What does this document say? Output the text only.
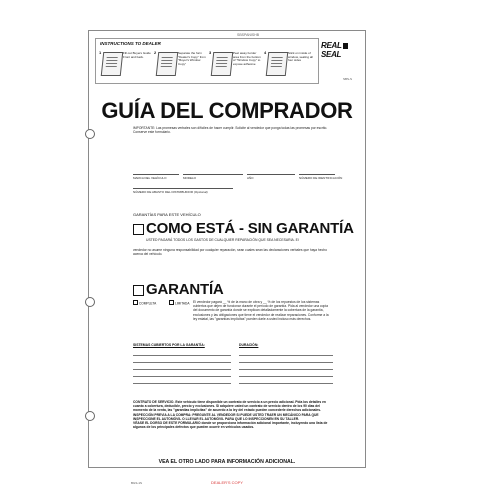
SBSPANISHB
INSTRUCTIONS TO DEALER
1	Fill out Buyers Guide Front and back.
2	Separate the form "Dealer's Copy" from "Buyer's Window Copy"
3	Peel away border area from the bottom of "Window Copy" to expose adhesive
4	Stick on inside of window, sealing all four sides
REALSEAL
SBS-S
GUÍA DEL COMPRADOR
IMPORTANTE: Las promesas verbales son difíciles de hacer cumplir. Solicite al vendedor que ponga todas las promesas por escrito. Conserve este formulario.
MARCA DEL VEHÍCULO	MODELO	AÑO	NÚMERO DE IDENTIFICACIÓN
NÚMERO DE ABASTO DEL DISTRIBUIDOR (Opcional)
GARANTÍAS PARA ESTE VEHÍCULO
COMO ESTÁ - SIN GARANTÍA
USTED PAGARÁ TODOS LOS GASTOS DE CUALQUIER REPARACIÓN QUE SEA NECESARIA. El
vendedor no asume ninguna responsabilidad por cualquier reparación, sean cuales sean las declaraciones verbales que haya hecho acerca del vehículo.
GARANTÍA
COMPLETA	LIMITADA El vendedor pagará __ % de la mano de obra y __ % de los repuestos de los sistemas cubiertos que dejen de funcionar durante el período de garantía. Pida al vendedor una copia del documento de garantía donde se explican detalladamente la cobertura de la garantía, exclusiones y las obligaciones que tiene el vendedor de realizar reparaciones. Conforme a la ley estatal, las "garantías implícitas" pueden darle a usted incluso más derechos.
SISTEMAS CUBIERTOS POR LA GARANTÍA:	DURACIÓN:
CONTRATO DE SERVICIO. Este vehículo tiene disponible un contrato de servicio a un precio adicional. Pida los detalles en cuanto a cobertura, deducible, precio y exclusiones. Si adquiere usted un contrato de servicio dentro de los 90 días del momento de la venta, las "garantías implícitas" de acuerdo a la ley del estado pueden concederle derechos adicionales.
INSPECCIÓN PREVIA A LA COMPRA: PREGUNTE AL VENDEDOR SI PUEDE USTED TRAER UN MECÁNICO PARA QUE INSPECCIONE EL AUTOMÓVIL O LLEVAR EL AUTOMÓVIL PARA QUE LO INSPECCIONEN EN SU TALLER.
VÉASE EL DORSO DE ESTE FORMULARIO donde se proporciona información adicional importante, incluyendo una lista de algunos de los principales defectos que pueden ocurrir en vehículos usados.
VEA EL OTRO LADO PARA INFORMACIÓN ADICIONAL.
BGS-1S	DEALER'S COPY
